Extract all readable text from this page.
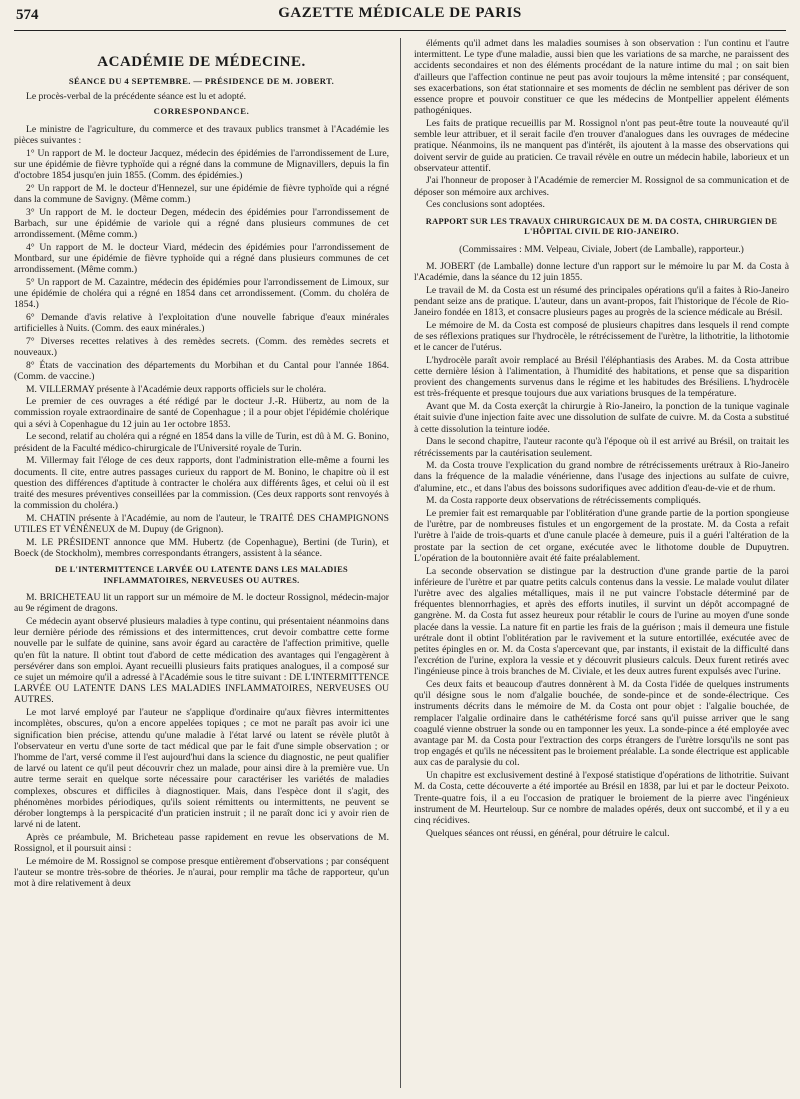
574	GAZETTE MÉDICALE DE PARIS

ACADÉMIE DE MÉDECINE.

SÉANCE DU 4 SEPTEMBRE. — PRÉSIDENCE DE M. JOBERT.

Le procès-verbal de la précédente séance est lu et adopté.

CORRESPONDANCE.

Le ministre de l'agriculture, du commerce et des travaux publics transmet à l'Académie les pièces suivantes :

1° Un rapport de M. le docteur Jacquez, médecin des épidémies de l'arrondissement de Lure, sur une épidémie de fièvre typhoïde qui a régné dans la commune de Mignavillers, depuis la fin d'octobre 1854 jusqu'en juin 1855. (Comm. des épidémies.)

2° Un rapport de M. le docteur d'Hennezel, sur une épidémie de fièvre typhoïde qui a régné dans la commune de Savigny. (Même comm.)

3° Un rapport de M. le docteur Degen, médecin des épidémies pour l'arrondissement de Barbach, sur une épidémie de variole qui a régné dans plusieurs communes de cet arrondissement. (Même comm.)

4° Un rapport de M. le docteur Viard, médecin des épidémies pour l'arrondissement de Montbard, sur une épidémie de fièvre typhoïde qui a régné dans plusieurs communes de cet arrondissement. (Même comm.)

5° Un rapport de M. Cazaintre, médecin des épidémies pour l'arrondissement de Limoux, sur une épidémie de choléra qui a régné en 1854 dans cet arrondissement. (Comm. du choléra de 1854.)

6° Demande d'avis relative à l'exploitation d'une nouvelle fabrique d'eaux minérales artificielles à Nuits. (Comm. des eaux minérales.)

7° Diverses recettes relatives à des remèdes secrets. (Comm. des remèdes secrets et nouveaux.)

8° États de vaccination des départements du Morbihan et du Cantal pour l'année 1864. (Comm. de vaccine.)

M. VILLERMAY présente à l'Académie deux rapports officiels sur le choléra.

Le premier de ces ouvrages a été rédigé par le docteur J.-R. Hübertz, au nom de la commission royale extraordinaire de santé de Copenhague ; il a pour objet l'épidémie cholérique qui a sévi à Copenhague du 12 juin au 1er octobre 1853.

Le second, relatif au choléra qui a régné en 1854 dans la ville de Turin, est dû à M. G. Bonino, président de la Faculté médico-chirurgicale de l'Université royale de Turin.

M. Villermay fait l'éloge de ces deux rapports, dont l'administration elle-même a fourni les documents. Il cite, entre autres passages curieux du rapport de M. Bonino, le chapitre où il est question des différences d'aptitude à contracter le choléra aux différents âges, et celui où il est traité des mesures préventives conseillées par la commission. (Ces deux rapports sont renvoyés à la commission du choléra.)

M. CHATIN présente à l'Académie, au nom de l'auteur, le TRAITÉ DES CHAMPIGNONS UTILES ET VÉNÉNEUX de M. Dupuy (de Grignon).

M. LE PRÉSIDENT annonce que MM. Hubertz (de Copenhague), Bertini (de Turin), et Boeck (de Stockholm), membres correspondants étrangers, assistent à la séance.

DE L'INTERMITTENCE LARVÉE OU LATENTE DANS LES MALADIES INFLAMMATOIRES, NERVEUSES OU AUTRES.

M. BRICHETEAU lit un rapport sur un mémoire de M. le docteur Rossignol, médecin-major au 9e régiment de dragons.

Ce médecin ayant observé plusieurs maladies à type continu, qui présentaient néanmoins dans leur dernière période des rémissions et des intermittences, crut devoir combattre cette forme nouvelle par le sulfate de quinine, sans avoir égard au caractère de l'affection primitive, quelle qu'en fût la nature. Il obtint tout d'abord de cette médication des avantages qui l'engagèrent à persévérer dans son emploi. Ayant recueilli plusieurs faits pratiques analogues, il a composé sur ce sujet un mémoire qu'il a adressé à l'Académie sous le titre suivant : DE L'INTERMITTENCE LARVÉE OU LATENTE DANS LES MALADIES INFLAMMATOIRES, NERVEUSES OU AUTRES.

Le mot larvé employé par l'auteur ne s'applique d'ordinaire qu'aux fièvres intermittentes incomplètes, obscures, qu'on a encore appelées topiques ; ce mot ne paraît pas avoir ici une signification bien précise, attendu qu'une maladie à l'état larvé ou latent se révèle plutôt à l'observateur en vertu d'une sorte de tact médical que par le fait d'une simple observation ; or l'homme de l'art, versé comme il l'est aujourd'hui dans la science du diagnostic, ne peut qualifier de larvé ou latent ce qu'il peut découvrir chez un malade, pour ainsi dire à la première vue. Un autre terme serait en quelque sorte nécessaire pour caractériser les variétés de maladies complexes, obscures et difficiles à diagnostiquer. Mais, dans l'espèce dont il s'agit, des phénomènes morbides périodiques, qu'ils soient rémittents ou intermittents, ne peuvent se dérober longtemps à la perspicacité d'un praticien instruit ; il ne paraît donc ici y avoir rien de larvé ni de latent.

Après ce préambule, M. Bricheteau passe rapidement en revue les observations de M. Rossignol, et il poursuit ainsi :

Le mémoire de M. Rossignol se compose presque entièrement d'observations ; par conséquent l'auteur se montre très-sobre de théories. Je n'aurai, pour remplir ma tâche de rapporteur, qu'un mot à dire relativement à deux

éléments qu'il admet dans les maladies soumises à son observation : l'un continu et l'autre intermittent. Le type d'une maladie, aussi bien que les variations de sa marche, ne paraissent des accidents secondaires et non des éléments procédant de la nature intime du mal ; on sait bien d'ailleurs que l'affection continue ne peut pas avoir toujours la même intensité ; par conséquent, ses exacerbations, son état stationnaire et ses moments de déclin ne semblent pas dériver de son essence propre et pouvoir constituer ce que les médecins de Montpellier appelent éléments pathogéniques.

Les faits de pratique recueillis par M. Rossignol n'ont pas peut-être toute la nouveauté qu'il semble leur attribuer, et il serait facile d'en trouver d'analogues dans les ouvrages de médecine pratique. Néanmoins, ils ne manquent pas d'intérêt, ils ajoutent à la masse des observations qui doivent servir de guide au praticien. Ce travail révèle en outre un médecin habile, laborieux et un observateur attentif.

J'ai l'honneur de proposer à l'Académie de remercier M. Rossignol de sa communication et de déposer son mémoire aux archives.

Ces conclusions sont adoptées.

RAPPORT SUR LES TRAVAUX CHIRURGICAUX DE M. DA COSTA, CHIRURGIEN DE L'HÔPITAL CIVIL DE RIO-JANEIRO.

(Commissaires : MM. Velpeau, Civiale, Jobert (de Lamballe), rapporteur.)

M. JOBERT (de Lamballe) donne lecture d'un rapport sur le mémoire lu par M. da Costa à l'Académie, dans la séance du 12 juin 1855.

Le travail de M. da Costa est un résumé des principales opérations qu'il a faites à Rio-Janeiro pendant seize ans de pratique. L'auteur, dans un avant-propos, fait l'historique de l'école de Rio-Janeiro fondée en 1813, et consacre plusieurs pages au progrès de la science médicale au Brésil.

Le mémoire de M. da Costa est composé de plusieurs chapitres dans lesquels il rend compte de ses réflexions pratiques sur l'hydrocèle, le rétrécissement de l'urètre, la lithotritie, la lithotomie et le cancer de l'utérus.

L'hydrocèle paraît avoir remplacé au Brésil l'éléphantiasis des Arabes. M. da Costa attribue cette dernière lésion à l'alimentation, à l'humidité des habitations, et pense que sa disparition provient des changements survenus dans le régime et les habitudes des Brésiliens. L'hydrocèle est très-fréquente et presque toujours due aux variations brusques de la température.

Avant que M. da Costa exerçât la chirurgie à Rio-Janeiro, la ponction de la tunique vaginale était suivie d'une injection faite avec une dissolution de sulfate de cuivre. M. da Costa a substitué à cette dissolution la teinture iodée.

Dans le second chapitre, l'auteur raconte qu'à l'époque où il est arrivé au Brésil, on traitait les rétrécissements par la cautérisation seulement.

M. da Costa trouve l'explication du grand nombre de rétrécissements urétraux à Rio-Janeiro dans la fréquence de la maladie vénérienne, dans l'usage des injections au sulfate de cuivre, d'alumine, etc., et dans l'abus des boissons sudorifiques avec addition d'eau-de-vie et de rhum.

M. da Costa rapporte deux observations de rétrécissements compliqués.

Le premier fait est remarquable par l'oblitération d'une grande partie de la portion spongieuse de l'urètre, par de nombreuses fistules et un engorgement de la prostate. M. da Costa a refait l'urètre à l'aide de trois-quarts et d'une canule placée à demeure, puis il a guéri l'altération de la prostate par la section de cet organe, exécutée avec le lithotome double de Dupuytren. L'opération de la boutonnière avait été faite préalablement.

La seconde observation se distingue par la destruction d'une grande partie de la paroi inférieure de l'urètre et par quatre petits calculs contenus dans la vessie. Le malade voulut dilater l'urètre avec des algalies métalliques, mais il ne put vaincre l'obstacle déterminé par de fréquentes blennorrhagies, et après des efforts inutiles, il survint un dépôt accompagné de gangrène. M. da Costa fut assez heureux pour rétablir le cours de l'urine au moyen d'une sonde placée dans la vessie. La nature fit en partie les frais de la guérison ; mais il demeura une fistule urétrale dont il obtint l'oblitération par le ravivement et la suture entortillée, exécutée avec de petites épingles en or. M. da Costa s'apercevant que, par instants, il existait de la difficulté dans l'excrétion de l'urine, explora la vessie et y découvrit plusieurs calculs. Deux furent retirés avec l'ingénieuse pince à trois branches de M. Civiale, et les deux autres furent expulsés avec l'urine.

Ces deux faits et beaucoup d'autres donnèrent à M. da Costa l'idée de quelques instruments qu'il désigne sous le nom d'algalie bouchée, de sonde-pince et de sonde-électrique. Ces instruments décrits dans le mémoire de M. da Costa ont pour objet : l'algalie bouchée, de remplacer l'algalie ordinaire dans le cathétérisme forcé sans qu'il puisse arriver que le sang coagulé vienne obstruer la sonde ou en tamponner les yeux. La sonde-pince a été employée avec avantage par M. da Costa pour l'extraction des corps étrangers de l'urètre lorsqu'ils ne sont pas trop engagés et qu'ils ne nécessitent pas le broiement préalable. La sonde électrique est applicable aux cas de paralysie du col.

Un chapitre est exclusivement destiné à l'exposé statistique d'opérations de lithotritie. Suivant M. da Costa, cette découverte a été importée au Brésil en 1838, par lui et par le docteur Peixoto. Trente-quatre fois, il a eu l'occasion de pratiquer le broiement de la pierre avec l'ingénieux instrument de M. Heurteloup. Sur ce nombre de malades opérés, deux ont succombé, et il y a eu cinq récidives.

Quelques séances ont réussi, en général, pour détruire le calcul.
